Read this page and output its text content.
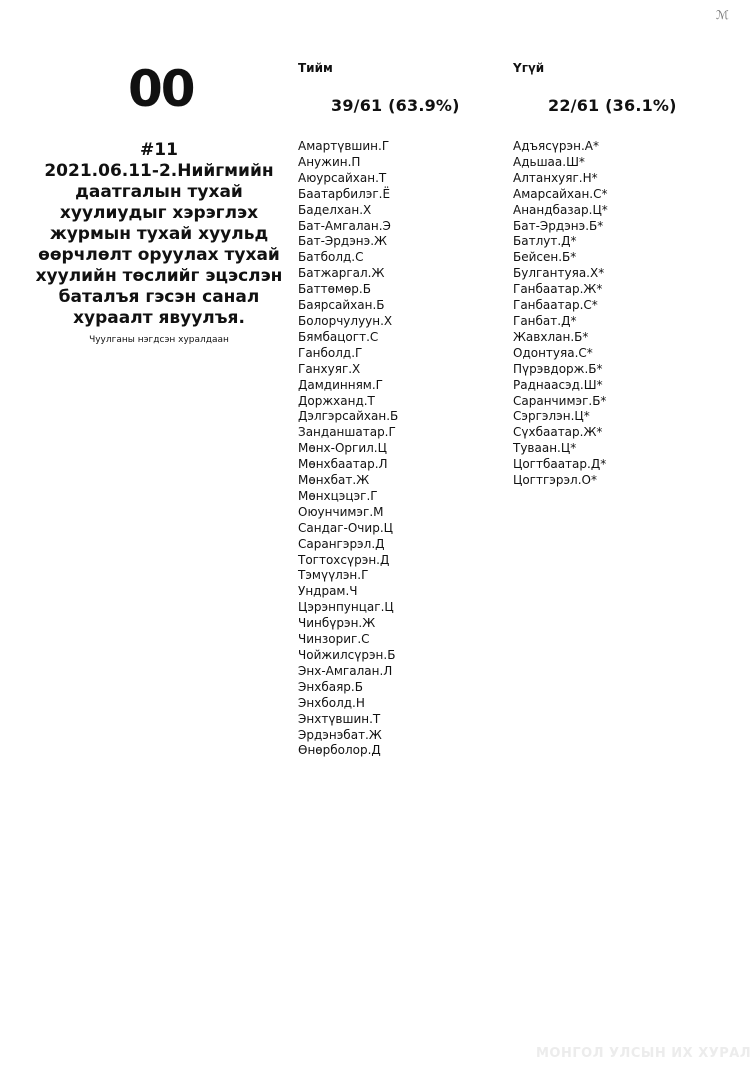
ℳ
00
#11
2021.06.11-2.Нийгмийн даатгалын тухай хуулиудыг хэрэглэх журмын тухай хуульд өөрчлөлт оруулах тухай хуулийн төслийг эцэслэн баталъя гэсэн санал хураалт явуулъя.
Чуулганы нэгдсэн хуралдаан
Тийм
39/61 (63.9%)
Амартүвшин.Г
Анужин.П
Аюурсайхан.Т
Баатарбилэг.Ё
Баделхан.Х
Бат-Амгалан.Э
Бат-Эрдэнэ.Ж
Батболд.С
Батжаргал.Ж
Баттөмөр.Б
Баярсайхан.Б
Болорчулуун.Х
Бямбацогт.С
Ганболд.Г
Ганхуяг.Х
Дамдинням.Г
Доржханд.Т
Дэлгэрсайхан.Б
Занданшатар.Г
Мөнх-Оргил.Ц
Мөнхбаатар.Л
Мөнхбат.Ж
Мөнхцэцэг.Г
Оюунчимэг.М
Сандаг-Очир.Ц
Сарангэрэл.Д
Тогтохсүрэн.Д
Тэмүүлэн.Г
Ундрам.Ч
Цэрэнпунцаг.Ц
Чинбүрэн.Ж
Чинзориг.С
Чойжилсүрэн.Б
Энх-Амгалан.Л
Энхбаяр.Б
Энхболд.Н
Энхтүвшин.Т
Эрдэнэбат.Ж
Өнөрболор.Д
Үгүй
22/61 (36.1%)
Адъясүрэн.А*
Адьшаа.Ш*
Алтанхуяг.Н*
Амарсайхан.С*
Анандбазар.Ц*
Бат-Эрдэнэ.Б*
Батлут.Д*
Бейсен.Б*
Булгантуяа.Х*
Ганбаатар.Ж*
Ганбаатар.С*
Ганбат.Д*
Жавхлан.Б*
Одонтуяа.С*
Пүрэвдорж.Б*
Раднаасэд.Ш*
Саранчимэг.Б*
Сэргэлэн.Ц*
Сүхбаатар.Ж*
Туваан.Ц*
Цогтбаатар.Д*
Цогтгэрэл.О*
МОНГОЛ УЛСЫН ИХ ХУРАЛ
